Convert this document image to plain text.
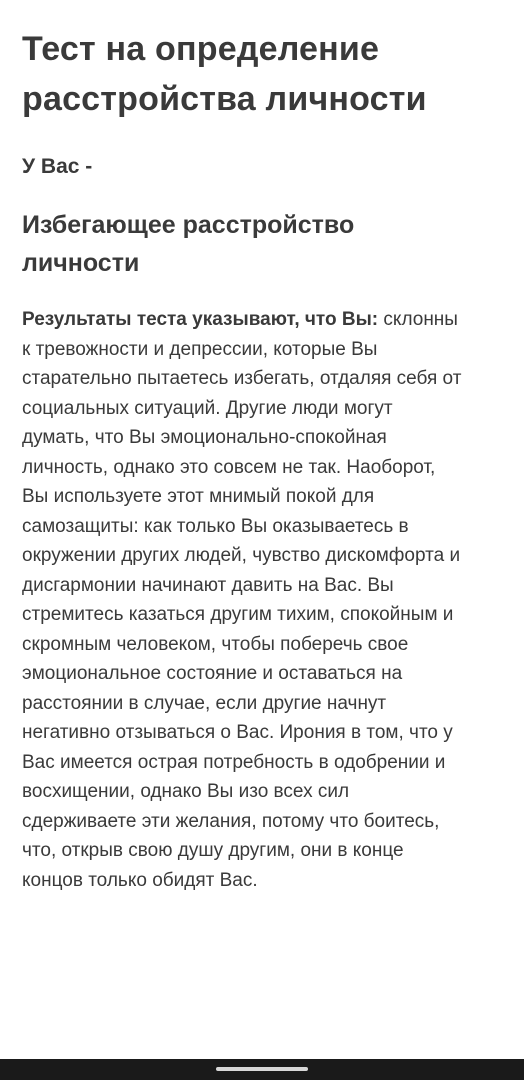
Тест на определение расстройства личности
У Вас -
Избегающее расстройство личности

Результаты теста указывают, что Вы: склонны к тревожности и депрессии, которые Вы старательно пытаетесь избегать, отдаляя себя от социальных ситуаций. Другие люди могут думать, что Вы эмоционально-спокойная личность, однако это совсем не так. Наоборот, Вы используете этот мнимый покой для самозащиты: как только Вы оказываетесь в окружении других людей, чувство дискомфорта и дисгармонии начинают давить на Вас. Вы стремитесь казаться другим тихим, спокойным и скромным человеком, чтобы поберечь свое эмоциональное состояние и оставаться на расстоянии в случае, если другие начнут негативно отзываться о Вас. Ирония в том, что у Вас имеется острая потребность в одобрении и восхищении, однако Вы изо всех сил сдерживаете эти желания, потому что боитесь, что, открыв свою душу другим, они в конце концов только обидят Вас.
